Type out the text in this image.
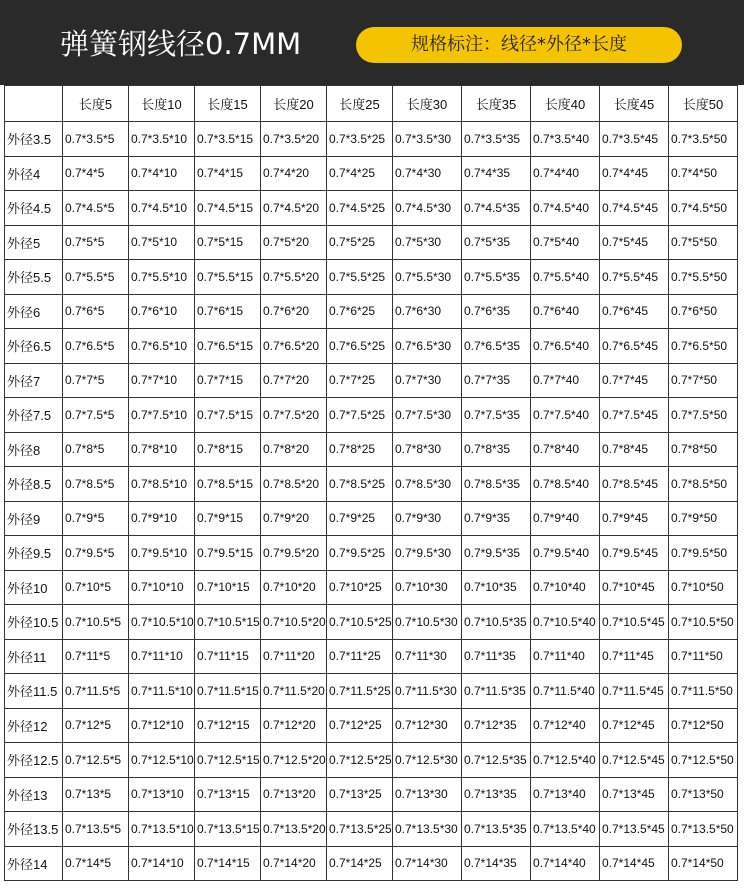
弹簧钢线径0.7MM	规格标注：线径*外径*长度
	长度5	长度10	长度15	长度20	长度25	长度30	长度35	长度40	长度45	长度50
外径3.5	0.7*3.5*5	0.7*3.5*10	0.7*3.5*15	0.7*3.5*20	0.7*3.5*25	0.7*3.5*30	0.7*3.5*35	0.7*3.5*40	0.7*3.5*45	0.7*3.5*50
外径4	0.7*4*5	0.7*4*10	0.7*4*15	0.7*4*20	0.7*4*25	0.7*4*30	0.7*4*35	0.7*4*40	0.7*4*45	0.7*4*50
外径4.5	0.7*4.5*5	0.7*4.5*10	0.7*4.5*15	0.7*4.5*20	0.7*4.5*25	0.7*4.5*30	0.7*4.5*35	0.7*4.5*40	0.7*4.5*45	0.7*4.5*50
外径5	0.7*5*5	0.7*5*10	0.7*5*15	0.7*5*20	0.7*5*25	0.7*5*30	0.7*5*35	0.7*5*40	0.7*5*45	0.7*5*50
外径5.5	0.7*5.5*5	0.7*5.5*10	0.7*5.5*15	0.7*5.5*20	0.7*5.5*25	0.7*5.5*30	0.7*5.5*35	0.7*5.5*40	0.7*5.5*45	0.7*5.5*50
外径6	0.7*6*5	0.7*6*10	0.7*6*15	0.7*6*20	0.7*6*25	0.7*6*30	0.7*6*35	0.7*6*40	0.7*6*45	0.7*6*50
外径6.5	0.7*6.5*5	0.7*6.5*10	0.7*6.5*15	0.7*6.5*20	0.7*6.5*25	0.7*6.5*30	0.7*6.5*35	0.7*6.5*40	0.7*6.5*45	0.7*6.5*50
外径7	0.7*7*5	0.7*7*10	0.7*7*15	0.7*7*20	0.7*7*25	0.7*7*30	0.7*7*35	0.7*7*40	0.7*7*45	0.7*7*50
外径7.5	0.7*7.5*5	0.7*7.5*10	0.7*7.5*15	0.7*7.5*20	0.7*7.5*25	0.7*7.5*30	0.7*7.5*35	0.7*7.5*40	0.7*7.5*45	0.7*7.5*50
外径8	0.7*8*5	0.7*8*10	0.7*8*15	0.7*8*20	0.7*8*25	0.7*8*30	0.7*8*35	0.7*8*40	0.7*8*45	0.7*8*50
外径8.5	0.7*8.5*5	0.7*8.5*10	0.7*8.5*15	0.7*8.5*20	0.7*8.5*25	0.7*8.5*30	0.7*8.5*35	0.7*8.5*40	0.7*8.5*45	0.7*8.5*50
外径9	0.7*9*5	0.7*9*10	0.7*9*15	0.7*9*20	0.7*9*25	0.7*9*30	0.7*9*35	0.7*9*40	0.7*9*45	0.7*9*50
外径9.5	0.7*9.5*5	0.7*9.5*10	0.7*9.5*15	0.7*9.5*20	0.7*9.5*25	0.7*9.5*30	0.7*9.5*35	0.7*9.5*40	0.7*9.5*45	0.7*9.5*50
外径10	0.7*10*5	0.7*10*10	0.7*10*15	0.7*10*20	0.7*10*25	0.7*10*30	0.7*10*35	0.7*10*40	0.7*10*45	0.7*10*50
外径10.5	0.7*10.5*5	0.7*10.5*10	0.7*10.5*15	0.7*10.5*20	0.7*10.5*25	0.7*10.5*30	0.7*10.5*35	0.7*10.5*40	0.7*10.5*45	0.7*10.5*50
外径11	0.7*11*5	0.7*11*10	0.7*11*15	0.7*11*20	0.7*11*25	0.7*11*30	0.7*11*35	0.7*11*40	0.7*11*45	0.7*11*50
外径11.5	0.7*11.5*5	0.7*11.5*10	0.7*11.5*15	0.7*11.5*20	0.7*11.5*25	0.7*11.5*30	0.7*11.5*35	0.7*11.5*40	0.7*11.5*45	0.7*11.5*50
外径12	0.7*12*5	0.7*12*10	0.7*12*15	0.7*12*20	0.7*12*25	0.7*12*30	0.7*12*35	0.7*12*40	0.7*12*45	0.7*12*50
外径12.5	0.7*12.5*5	0.7*12.5*10	0.7*12.5*15	0.7*12.5*20	0.7*12.5*25	0.7*12.5*30	0.7*12.5*35	0.7*12.5*40	0.7*12.5*45	0.7*12.5*50
外径13	0.7*13*5	0.7*13*10	0.7*13*15	0.7*13*20	0.7*13*25	0.7*13*30	0.7*13*35	0.7*13*40	0.7*13*45	0.7*13*50
外径13.5	0.7*13.5*5	0.7*13.5*10	0.7*13.5*15	0.7*13.5*20	0.7*13.5*25	0.7*13.5*30	0.7*13.5*35	0.7*13.5*40	0.7*13.5*45	0.7*13.5*50
外径14	0.7*14*5	0.7*14*10	0.7*14*15	0.7*14*20	0.7*14*25	0.7*14*30	0.7*14*35	0.7*14*40	0.7*14*45	0.7*14*50
